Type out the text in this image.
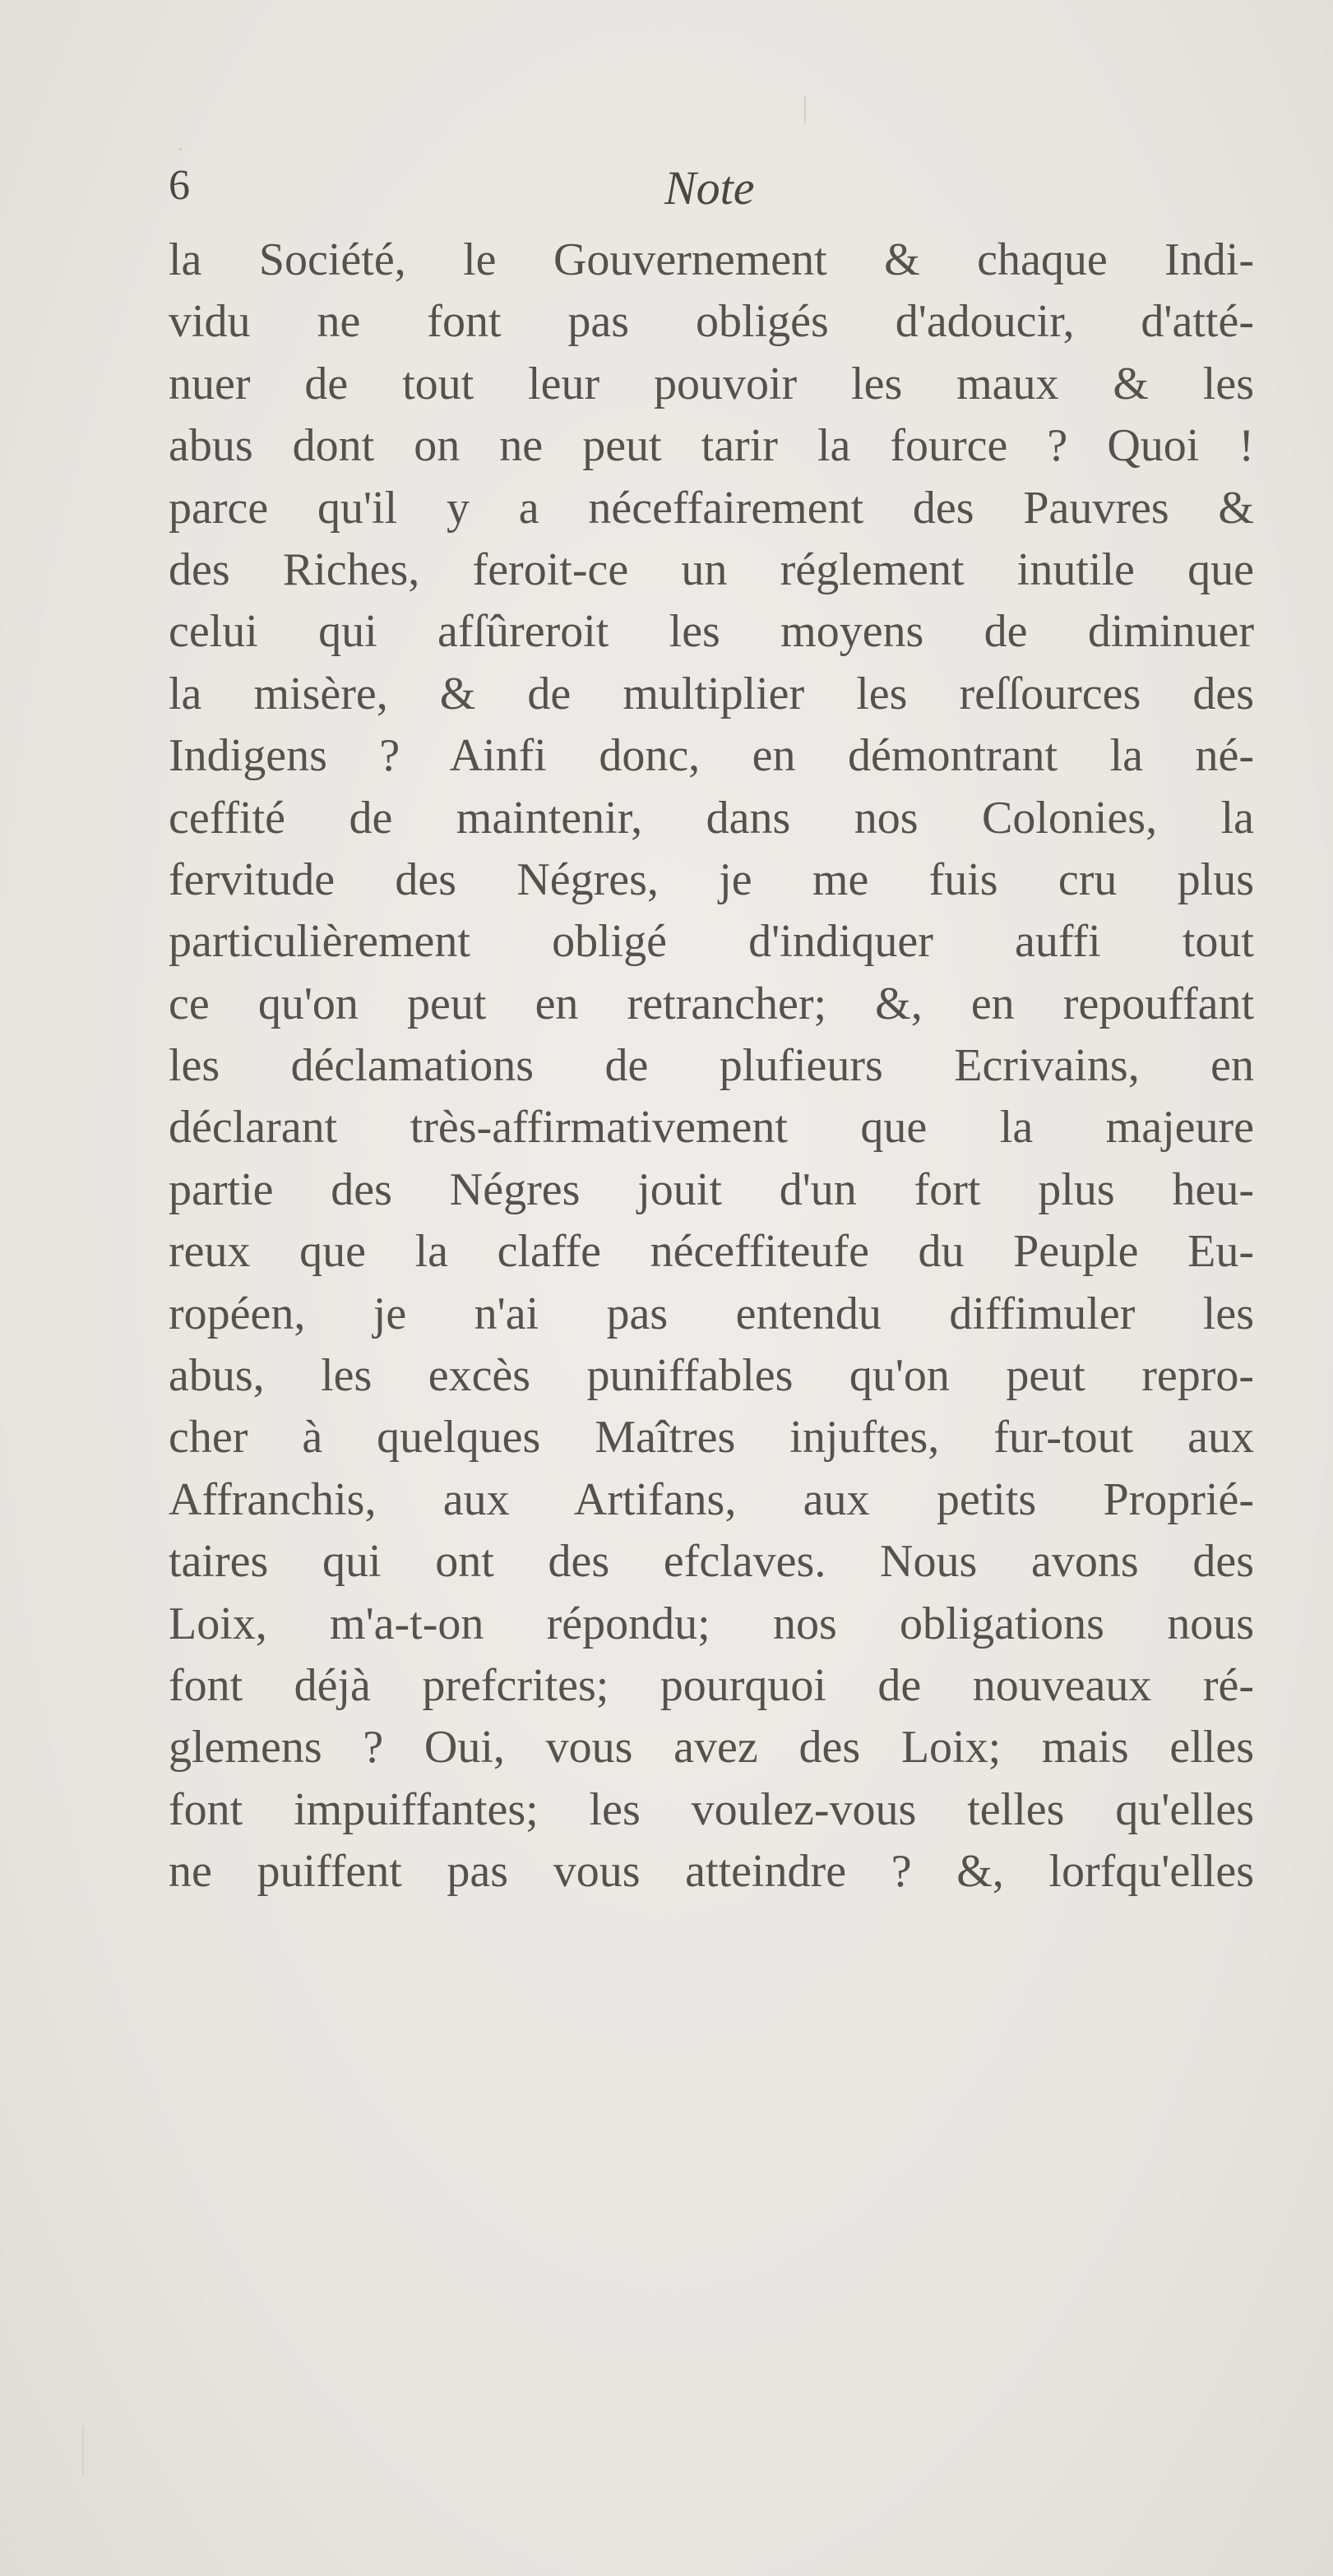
6	Note
la Société, le Gouvernement & chaque Indi-
vidu ne font pas obligés d'adoucir, d'atté-
nuer de tout leur pouvoir les maux & les
abus dont on ne peut tarir la fource ? Quoi !
parce qu'il y a néceffairement des Pauvres &
des Riches, feroit-ce un réglement inutile que
celui qui afſûreroit les moyens de diminuer
la misère, & de multiplier les reſſources des
Indigens ? Ainfi donc, en démontrant la né-
ceffité de maintenir, dans nos Colonies, la
fervitude des Négres, je me fuis cru plus
particulièrement obligé d'indiquer auffi tout
ce qu'on peut en retrancher; &, en repouffant
les déclamations de plufieurs Ecrivains, en
déclarant très-affirmativement que la majeure
partie des Négres jouit d'un fort plus heu-
reux que la claffe néceffiteufe du Peuple Eu-
ropéen, je n'ai pas entendu diffimuler les
abus, les excès puniffables qu'on peut repro-
cher à quelques Maîtres injuftes, fur-tout aux
Affranchis, aux Artifans, aux petits Proprié-
taires qui ont des efclaves. Nous avons des
Loix, m'a-t-on répondu; nos obligations nous
font déjà prefcrites; pourquoi de nouveaux ré-
glemens ? Oui, vous avez des Loix; mais elles
font impuiffantes; les voulez-vous telles qu'elles
ne puiffent pas vous atteindre ? &, lorfqu'elles
